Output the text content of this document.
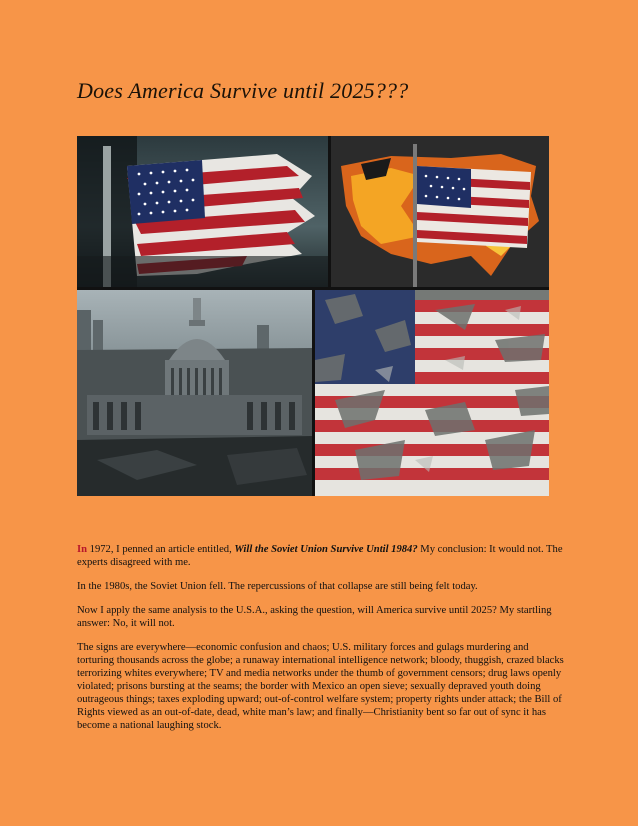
Does America Survive until 2025???

In 1972, I penned an article entitled, Will the Soviet Union Survive Until 1984? My conclusion: It would not. The experts disagreed with me.

In the 1980s, the Soviet Union fell. The repercussions of that collapse are still being felt today.

Now I apply the same analysis to the U.S.A., asking the question, will America survive until 2025? My startling answer: No, it will not.

The signs are everywhere—economic confusion and chaos; U.S. military forces and gulags murdering and torturing thousands across the globe; a runaway international intelligence network; bloody, thuggish, crazed blacks terrorizing whites everywhere; TV and media networks under the thumb of government censors; drug laws openly violated; prisons bursting at the seams; the border with Mexico an open sieve; sexually depraved youth doing outrageous things; taxes exploding upward; out-of-control welfare system; property rights under attack; the Bill of Rights viewed as an out-of-date, dead, white man’s law; and finally—Christianity bent so far out of sync it has become a national laughing stock.
